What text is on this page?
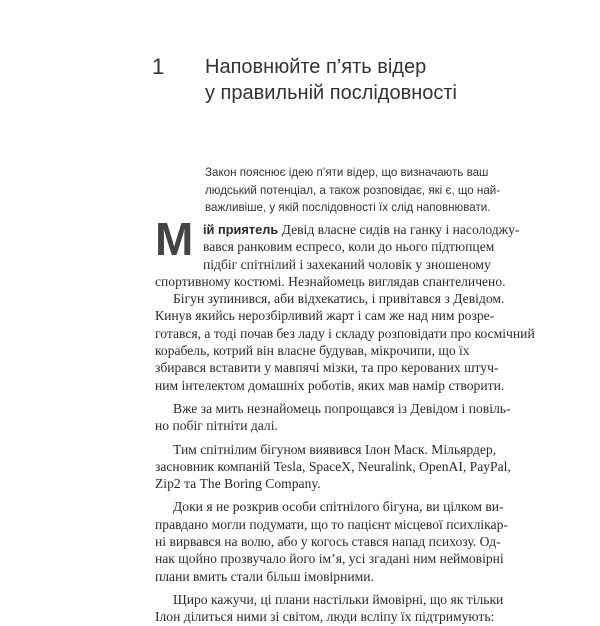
1 Наповнюйте п’ять відер
у правильній послідовності
Закон пояснює ідею п’яти відер, що визначають ваш
людський потенціал, а також розповідає, які є, що най-
важливіше, у якій послідовності їх слід наповнювати.
М ій приятель Девід власне сидів на ганку і насолоджу-
вався ранковим еспресо, коли до нього підтюпцем
підбіг спітнілий і захеканий чоловік у зношеному
спортивному костюмі. Незнайомець виглядав спантеличено.
Бігун зупинився, аби відхекатись, і привітався з Девідом.
Кинув якийсь нерозбірливий жарт і сам же над ним розре-
готався, а тоді почав без ладу і складу розповідати про космічний
корабель, котрий він власне будував, мікрочипи, що їх
збирався вставити у мавпячі мізки, та про керованих штуч-
ним інтелектом домашніх роботів, яких мав намір створити.
Вже за мить незнайомець попрощався із Девідом і повіль-
но побіг пітніти далі.
Тим спітнілим бігуном виявився Ілон Маск. Мільярдер,
засновник компаній Tesla, SpaceX, Neuralink, OpenAI, PayPal,
Zip2 та The Boring Company.
Доки я не розкрив особи спітнілого бігуна, ви цілком ви-
правдано могли подумати, що то пацієнт місцевої психлікар-
ні вирвався на волю, або у когось стався напад психозу. Од-
нак щойно прозвучало його ім’я, усі згадані ним неймовірні
плани вмить стали більш імовірними.
Щиро кажучи, ці плани настільки ймовірні, що як тільки
Ілон ділиться ними зі світом, люди всліпу їх підтримують:
